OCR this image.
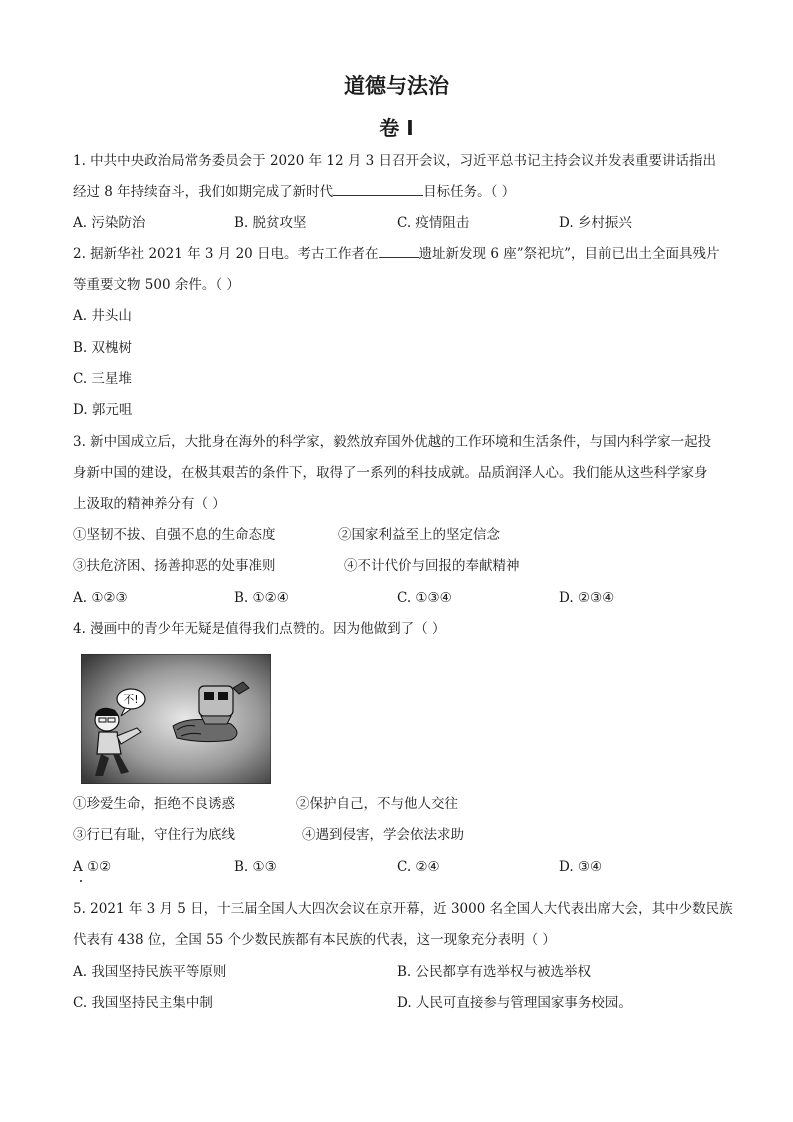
道德与法治
卷 I
1. 中共中央政治局常务委员会于 2020 年 12 月 3 日召开会议，习近平总书记主持会议并发表重要讲话指出
经过 8 年持续奋斗，我们如期完成了新时代	目标任务。（ ）
A. 污染防治	B. 脱贫攻坚	C. 疫情阻击	D. 乡村振兴
2. 据新华社 2021 年 3 月 20 日电。考古工作者在	遗址新发现 6 座”祭祀坑”，目前已出土全面具残片
等重要文物 500 余件。（ ）
A. 井头山
B. 双槐树
C. 三星堆
D. 郭元咀
3. 新中国成立后，大批身在海外的科学家，毅然放弃国外优越的工作环境和生活条件，与国内科学家一起投
身新中国的建设，在极其艰苦的条件下，取得了一系列的科技成就。品质润泽人心。我们能从这些科学家身
上汲取的精神养分有（ ）
①坚韧不拔、自强不息的生命态度	②国家利益至上的坚定信念
③扶危济困、扬善抑恶的处事准则	④不计代价与回报的奉献精神
A. ①②③	B. ①②④	C. ①③④	D. ②③④
4. 漫画中的青少年无疑是值得我们点赞的。因为他做到了（ ）
不!
①珍爱生命，拒绝不良诱惑	②保护自己，不与他人交往
③行已有耻，守住行为底线	④遇到侵害，学会依法求助
A ①②	B. ①③	C. ②④	D. ③④
5. 2021 年 3 月 5 日，十三届全国人大四次会议在京开幕，近 3000 名全国人大代表出席大会，其中少数民族
代表有 438 位，全国 55 个少数民族都有本民族的代表，这一现象充分表明（ ）
A. 我国坚持民族平等原则	B. 公民都享有选举权与被选举权
C. 我国坚持民主集中制	D. 人民可直接参与管理国家事务校园。
